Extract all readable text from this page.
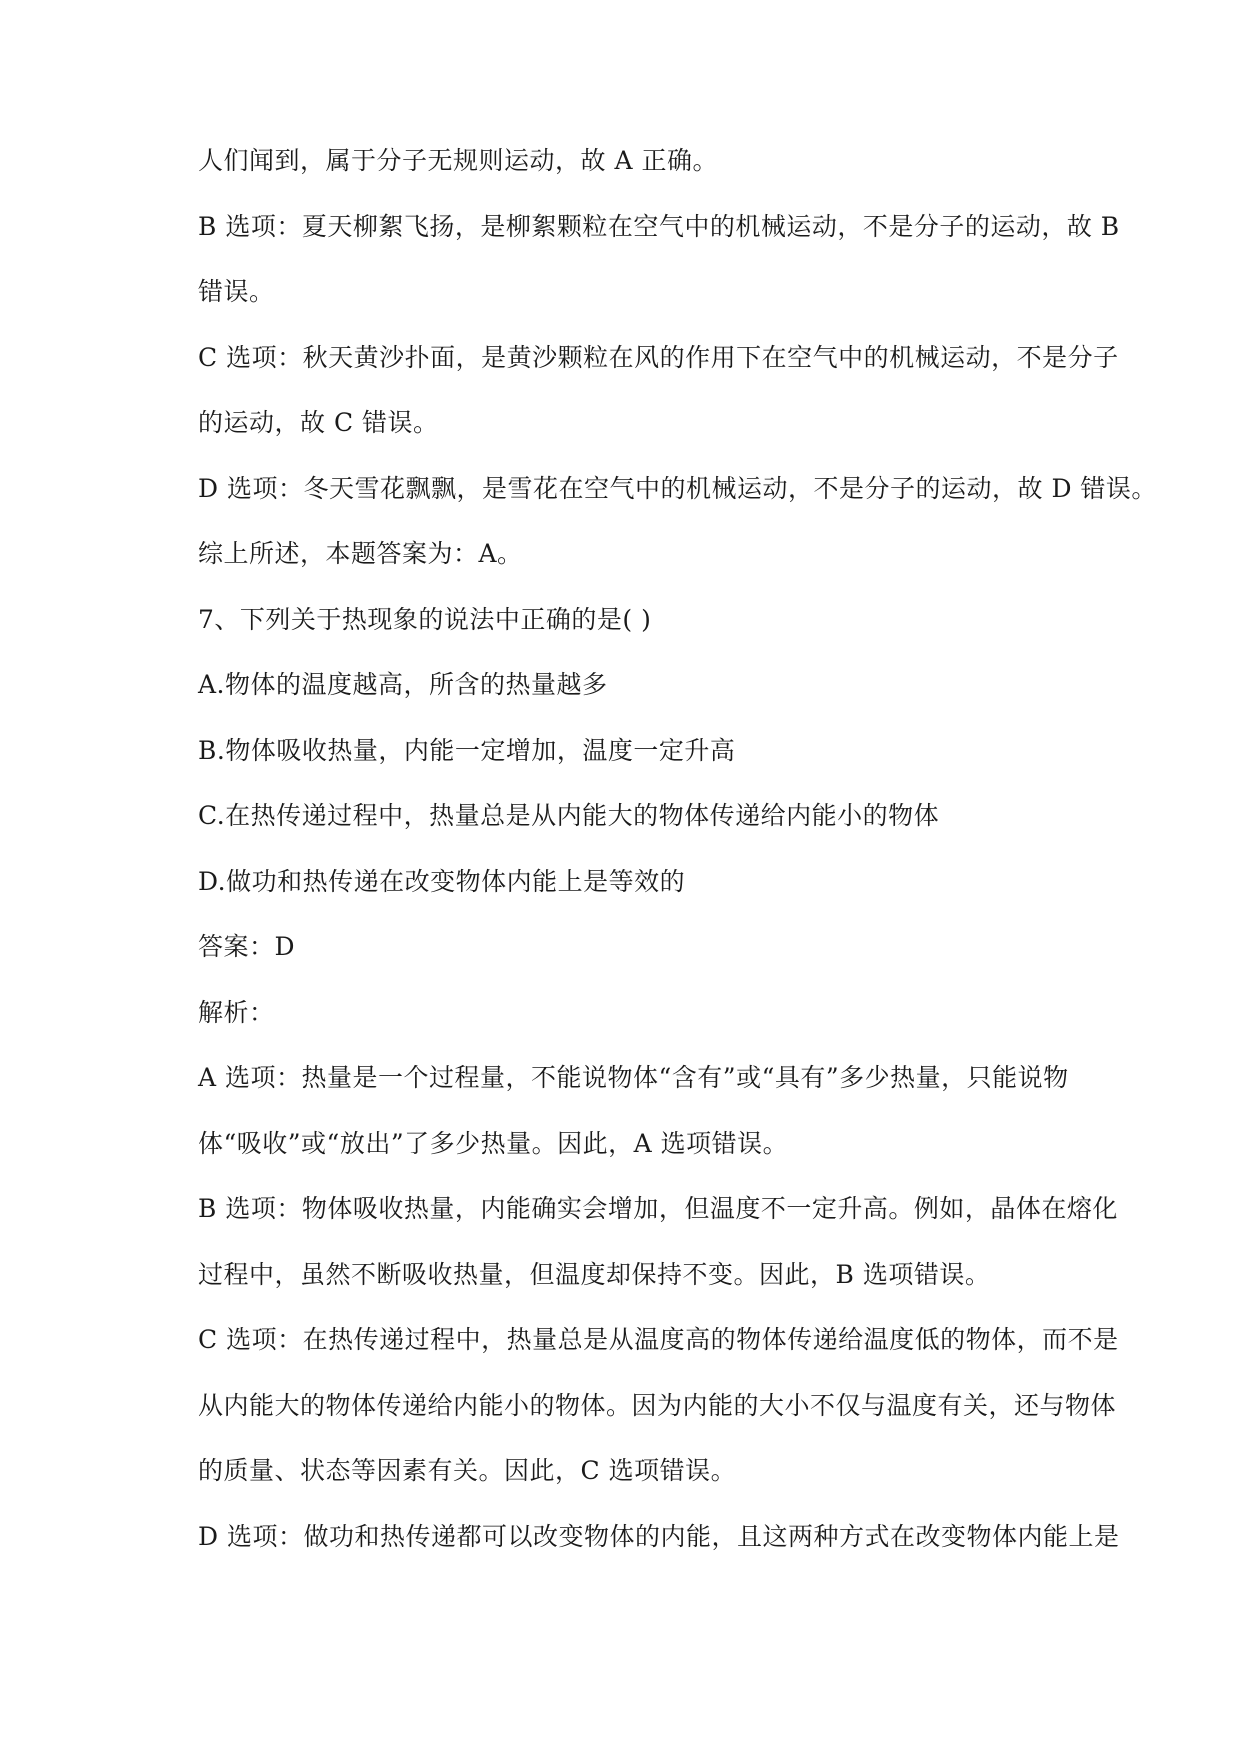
人们闻到，属于分子无规则运动，故 A 正确。
B 选项：夏天柳絮飞扬，是柳絮颗粒在空气中的机械运动，不是分子的运动，故 B
错误。
C 选项：秋天黄沙扑面，是黄沙颗粒在风的作用下在空气中的机械运动，不是分子
的运动，故 C 错误。
D 选项：冬天雪花飘飘，是雪花在空气中的机械运动，不是分子的运动，故 D 错误。
综上所述，本题答案为：A。
7、下列关于热现象的说法中正确的是( )
A.物体的温度越高，所含的热量越多
B.物体吸收热量，内能一定增加，温度一定升高
C.在热传递过程中，热量总是从内能大的物体传递给内能小的物体
D.做功和热传递在改变物体内能上是等效的
答案：D
解析：
A 选项：热量是一个过程量，不能说物体“含有”或“具有”多少热量，只能说物
体“吸收”或“放出”了多少热量。因此，A 选项错误。
B 选项：物体吸收热量，内能确实会增加，但温度不一定升高。例如，晶体在熔化
过程中，虽然不断吸收热量，但温度却保持不变。因此，B 选项错误。
C 选项：在热传递过程中，热量总是从温度高的物体传递给温度低的物体，而不是
从内能大的物体传递给内能小的物体。因为内能的大小不仅与温度有关，还与物体
的质量、状态等因素有关。因此，C 选项错误。
D 选项：做功和热传递都可以改变物体的内能，且这两种方式在改变物体内能上是
